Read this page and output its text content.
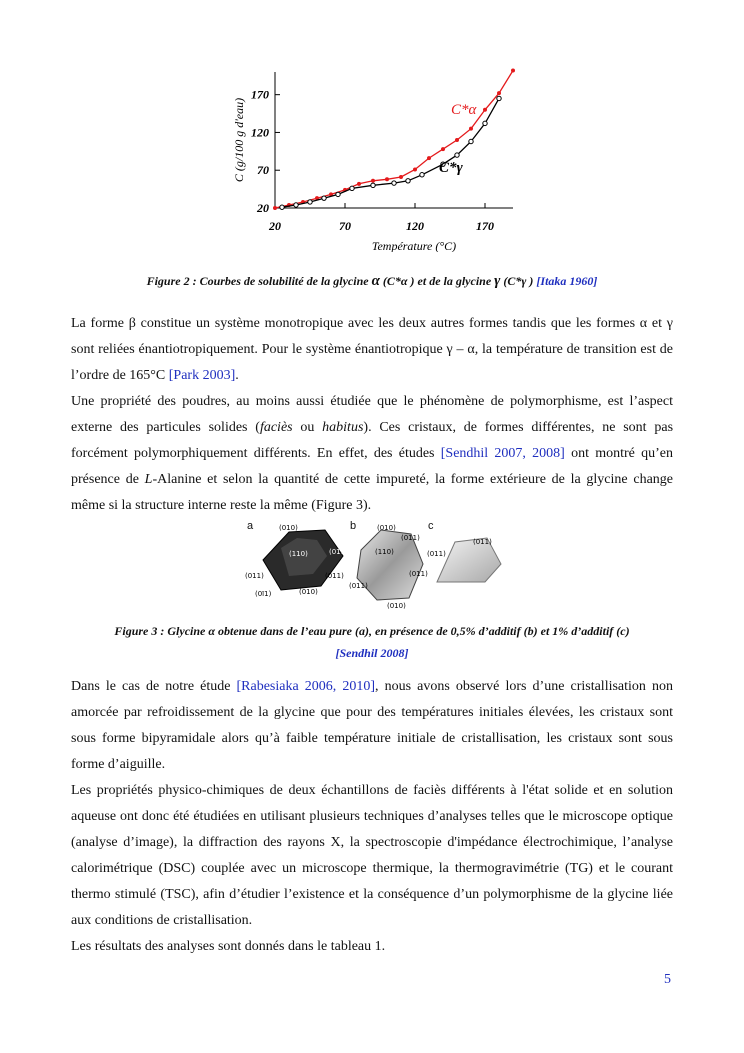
20
70
120
170
20	70	120	170
Température (°C)
C (g/100 g d'eau)	C*α
C*γ
Figure 2 : Courbes de solubilité de la glycine α (C*α ) et de la glycine γ (C*γ ) [Itaka 1960]

La forme β constitue un système monotropique avec les deux autres formes tandis que les formes α et γ sont reliées énantiotropiquement. Pour le système énantiotropique γ – α, la température de transition est de l’ordre de 165°C [Park 2003].

Une propriété des poudres, au moins aussi étudiée que le phénomène de polymorphisme, est l’aspect externe des particules solides (faciès ou habitus). Ces cristaux, de formes différentes, ne sont pas forcément polymorphiquement différents. En effet, des études [Sendhil 2007, 2008] ont montré qu’en présence de L-Alanine et selon la quantité de cette impureté, la forme extérieure de la glycine change même si la structure interne reste la même (Figure 3).

a	b	c
(010)
(011)
(110)
(011)	(011)
(0ī1)	(010)
(010)
(011)
(110)
(011)
(011)
(010)
(011)
(011)
Figure 3 : Glycine α obtenue dans de l’eau pure (a), en présence de 0,5% d’additif (b) et 1% d’additif (c)
[Sendhil 2008]

Dans le cas de notre étude [Rabesiaka 2006, 2010], nous avons observé lors d’une cristallisation non amorcée par refroidissement de la glycine que pour des températures initiales élevées, les cristaux sont sous forme bipyramidale alors qu’à faible température initiale de cristallisation, les cristaux sont sous forme d’aiguille.

Les propriétés physico-chimiques de deux échantillons de faciès différents à l'état solide et en solution aqueuse ont donc été étudiées en utilisant plusieurs techniques d’analyses telles que le microscope optique (analyse d’image), la diffraction des rayons X, la spectroscopie d'impédance électrochimique, l’analyse calorimétrique (DSC) couplée avec un microscope thermique, la thermogravimétrie (TG) et le courant thermo stimulé (TSC), afin d’étudier l’existence et la conséquence d’un polymorphisme de la glycine liée aux conditions de cristallisation.

Les résultats des analyses sont donnés dans le tableau 1.

5
